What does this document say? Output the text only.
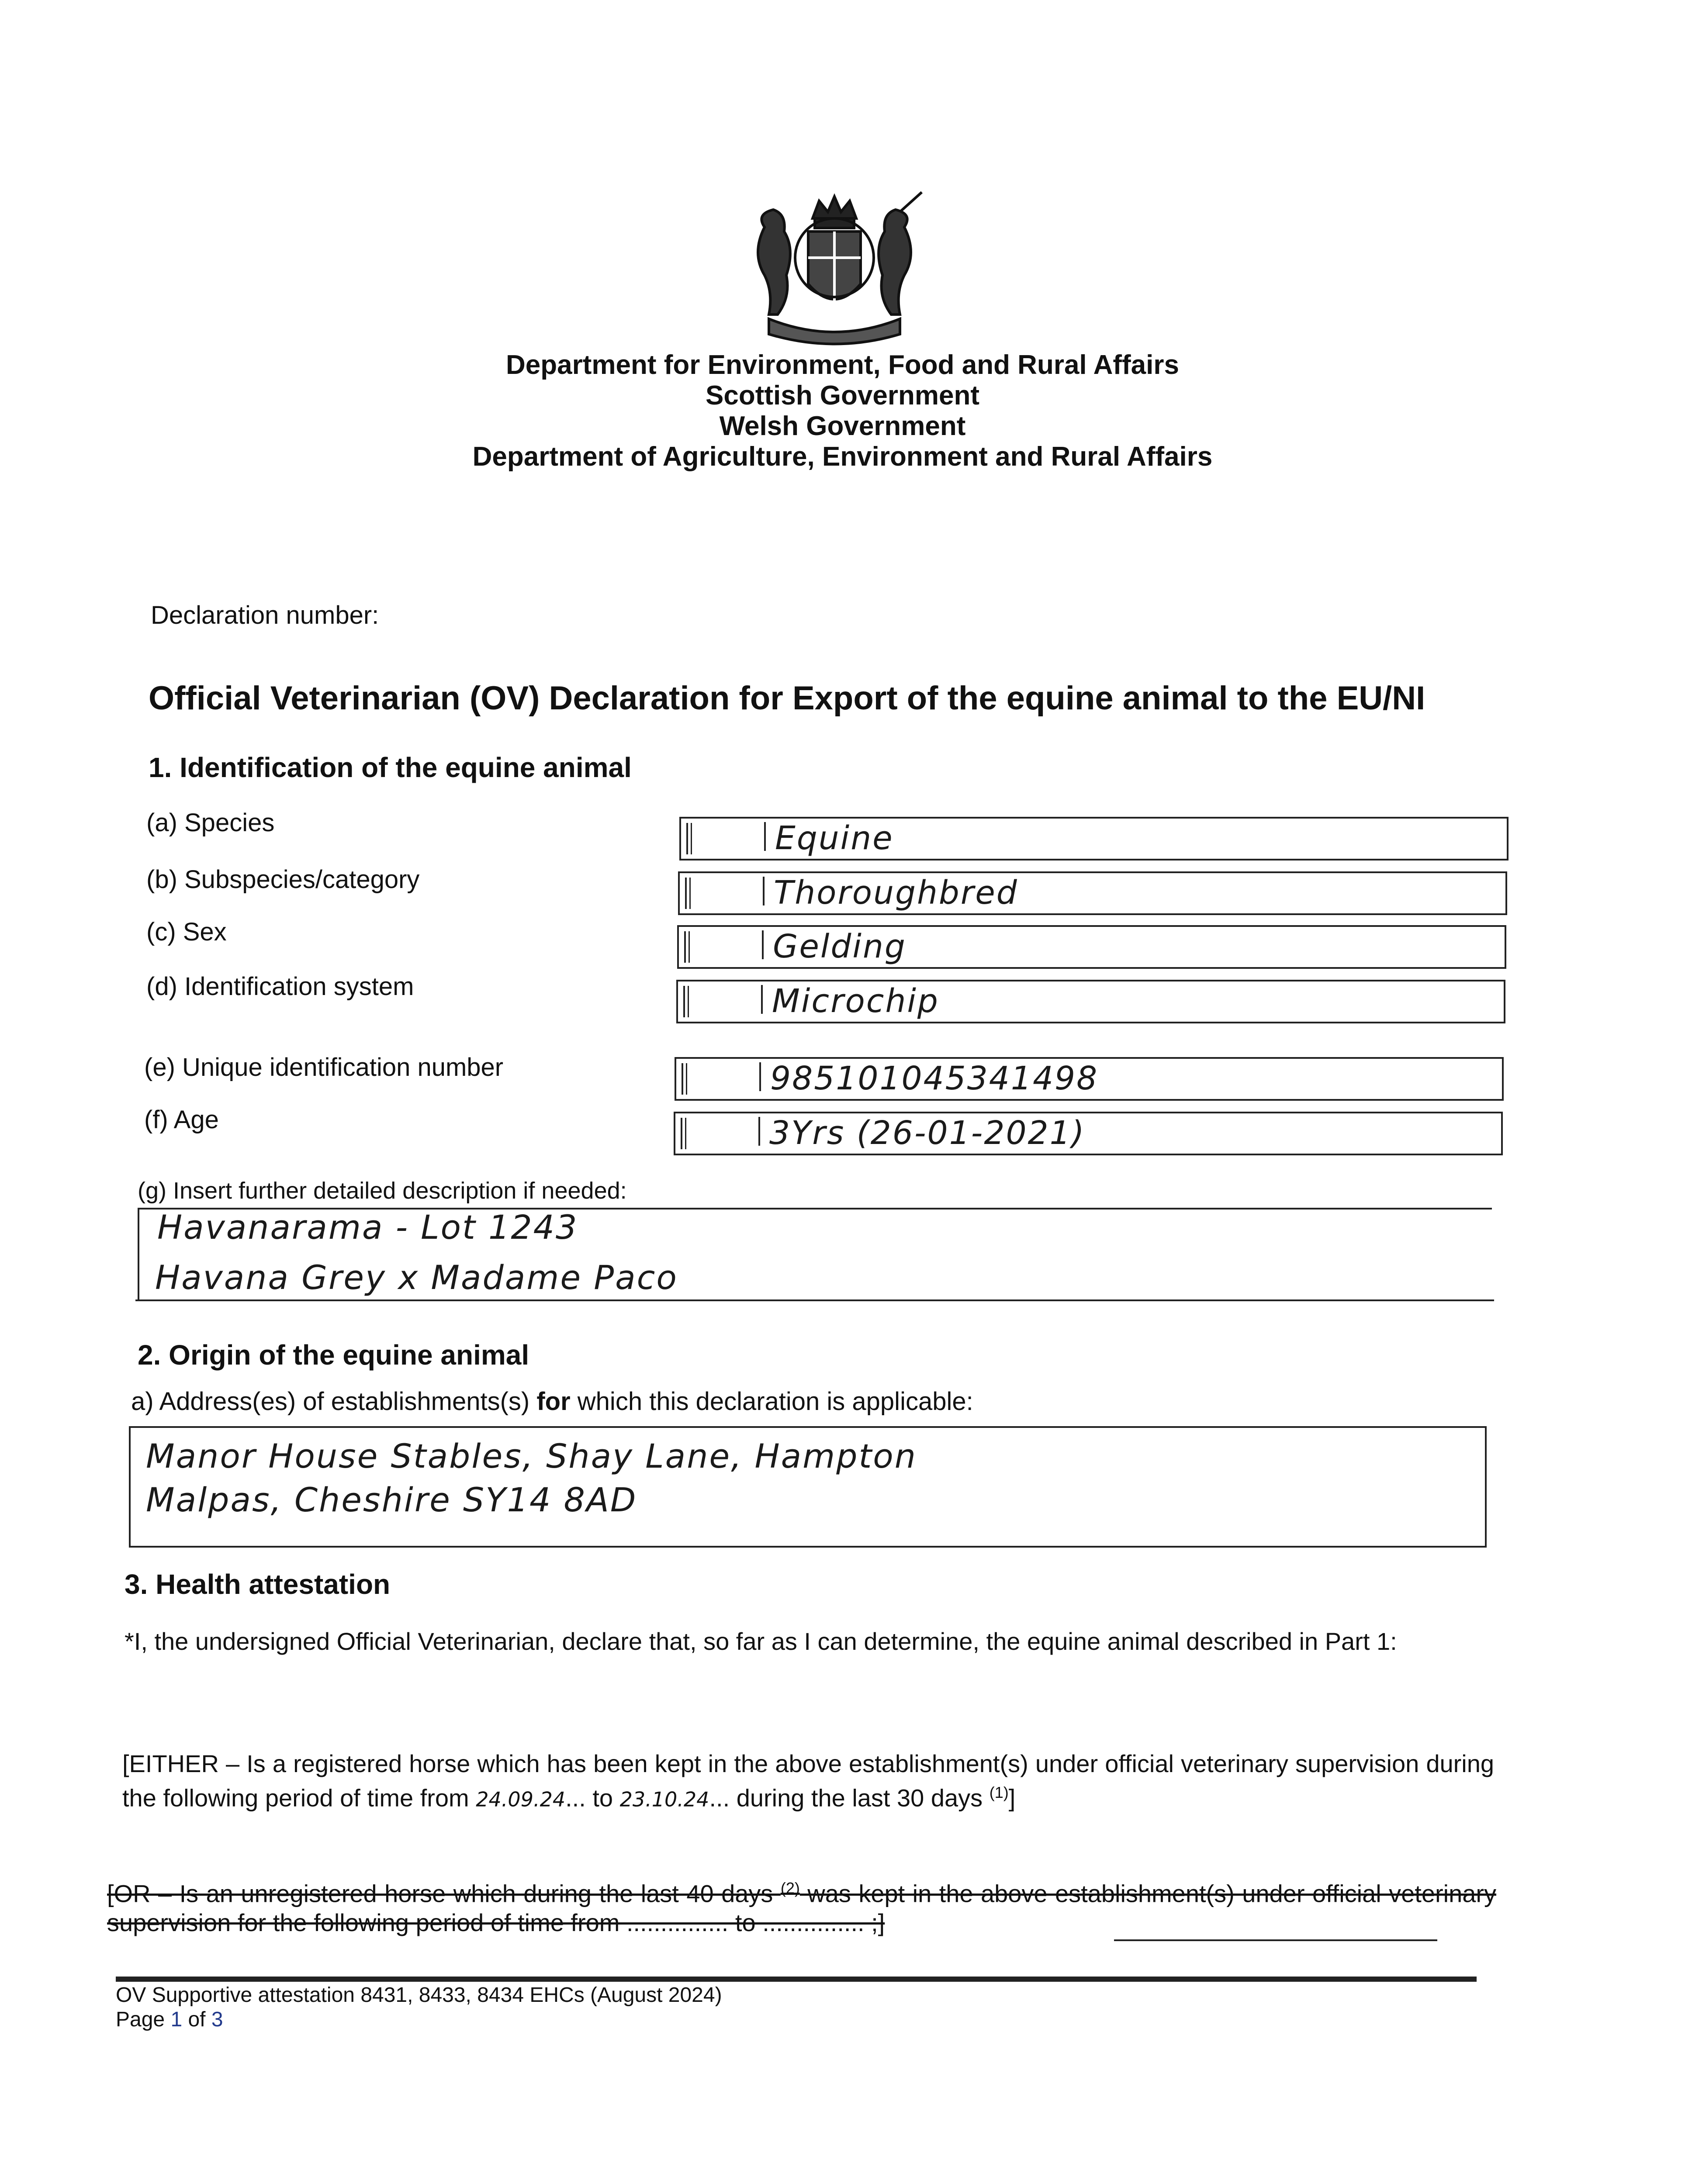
Department for Environment, Food and Rural Affairs
Scottish Government
Welsh Government
Department of Agriculture, Environment and Rural Affairs
Declaration number:
Official Veterinarian (OV) Declaration for Export of the equine animal to the EU/NI
1. Identification of the equine animal
(a) Species
(b) Subspecies/category
(c) Sex
(d) Identification system
(e) Unique identification number
(f) Age
Equine
Thoroughbred
Gelding
Microchip
985101045341498
3Yrs (26-01-2021)
(g) Insert further detailed description if needed:
Havanarama - Lot 1243
Havana Grey x Madame Paco
2. Origin of the equine animal
a) Address(es) of establishments(s) for which this declaration is applicable:
Manor House Stables, Shay Lane, Hampton
Malpas, Cheshire SY14 8AD
3. Health attestation
*I, the undersigned Official Veterinarian, declare that, so far as I can determine, the equine animal described in Part 1:
[EITHER – Is a registered horse which has been kept in the above establishment(s) under official veterinary supervision during the following period of time from 24.09.24... to 23.10.24... during the last 30 days $^{(1)}$]
[OR – Is an unregistered horse which during the last 40 days $^{(2)}$ was kept in the above establishment(s) under official veterinary supervision for the following period of time from ............... to ............... ;]
OV Supportive attestation 8431, 8433, 8434 EHCs (August 2024)
Page 1 of 3
